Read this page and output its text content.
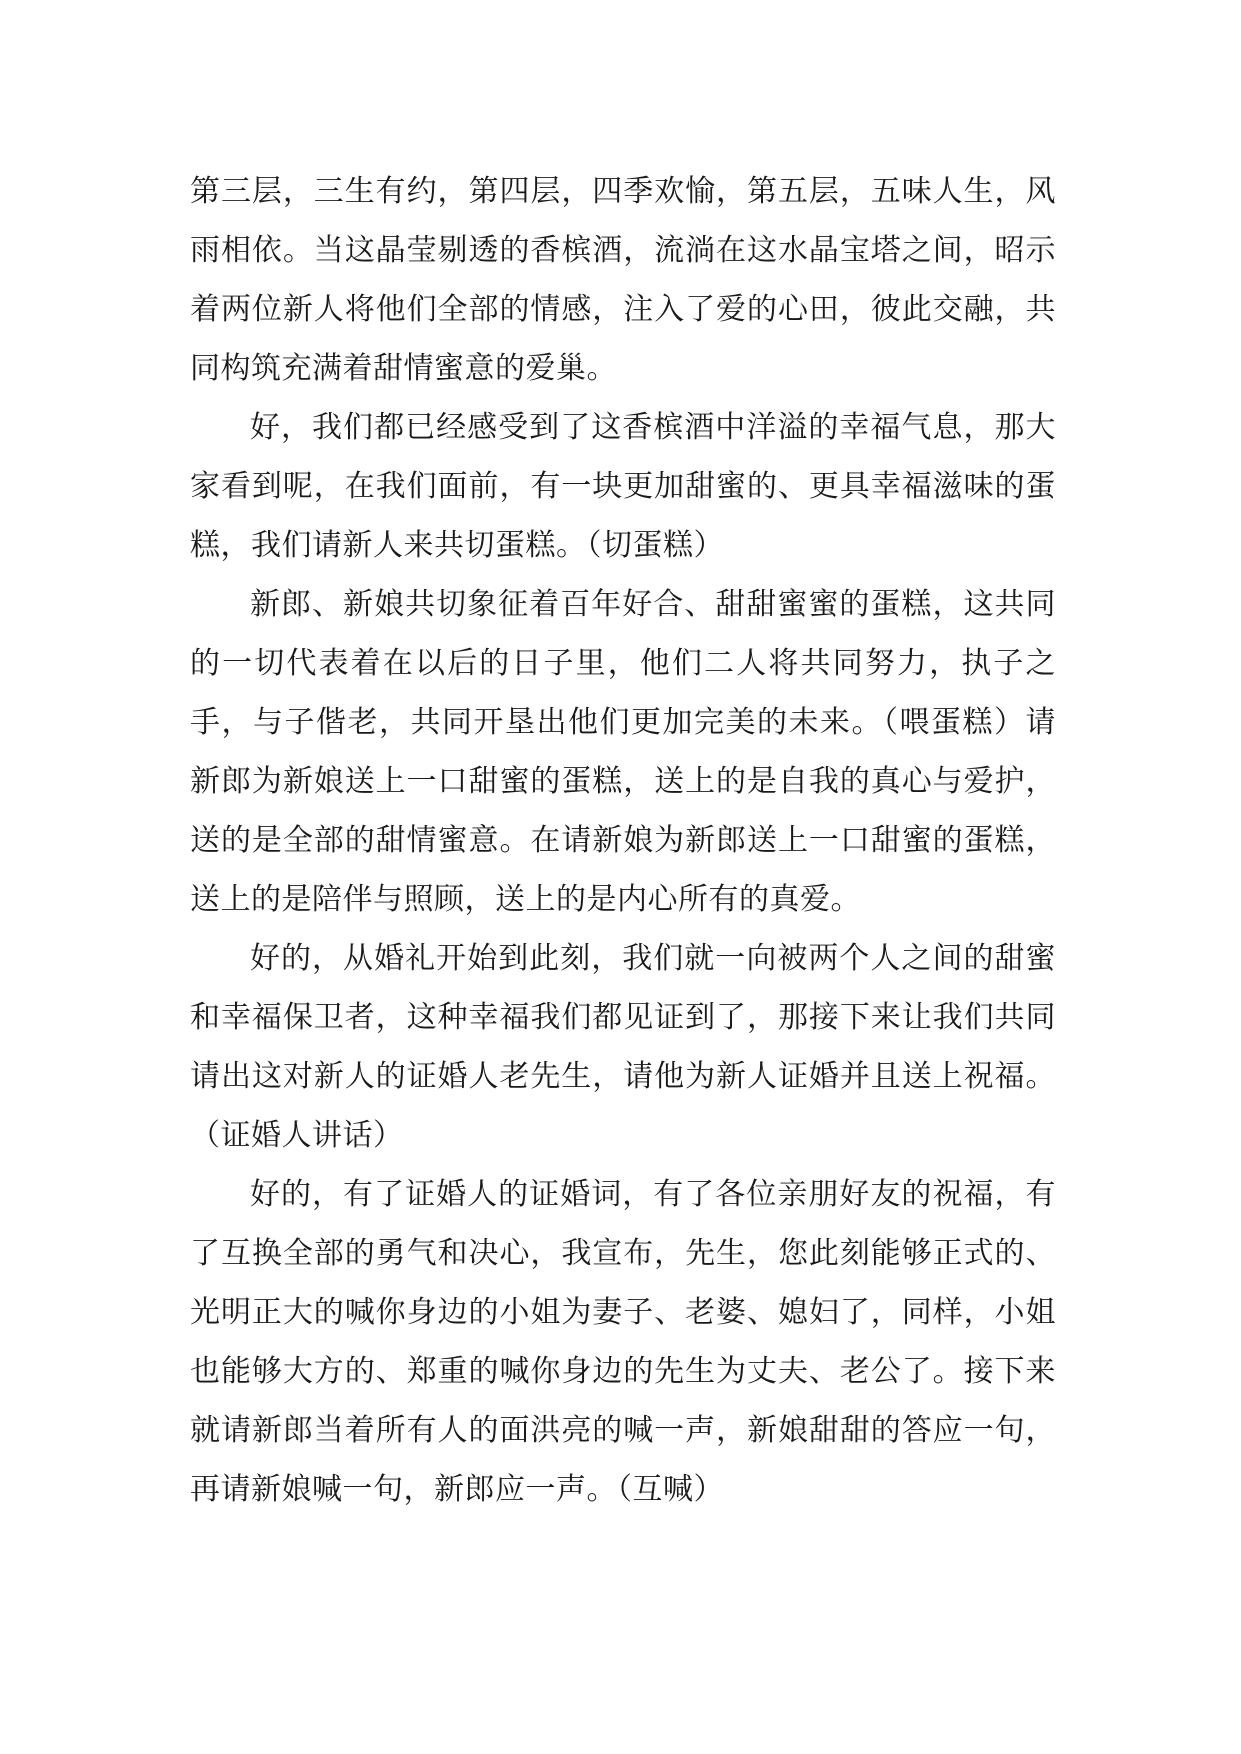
第三层，三生有约，第四层，四季欢愉，第五层，五味人生，风雨相依。当这晶莹剔透的香槟酒，流淌在这水晶宝塔之间，昭示着两位新人将他们全部的情感，注入了爱的心田，彼此交融，共同构筑充满着甜情蜜意的爱巢。

好，我们都已经感受到了这香槟酒中洋溢的幸福气息，那大家看到呢，在我们面前，有一块更加甜蜜的、更具幸福滋味的蛋糕，我们请新人来共切蛋糕。（切蛋糕）

新郎、新娘共切象征着百年好合、甜甜蜜蜜的蛋糕，这共同的一切代表着在以后的日子里，他们二人将共同努力，执子之手，与子偕老，共同开垦出他们更加完美的未来。（喂蛋糕）请新郎为新娘送上一口甜蜜的蛋糕，送上的是自我的真心与爱护，送的是全部的甜情蜜意。在请新娘为新郎送上一口甜蜜的蛋糕，送上的是陪伴与照顾，送上的是内心所有的真爱。

好的，从婚礼开始到此刻，我们就一向被两个人之间的甜蜜和幸福保卫者，这种幸福我们都见证到了，那接下来让我们共同请出这对新人的证婚人老先生，请他为新人证婚并且送上祝福。（证婚人讲话）

好的，有了证婚人的证婚词，有了各位亲朋好友的祝福，有了互换全部的勇气和决心，我宣布，先生，您此刻能够正式的、光明正大的喊你身边的小姐为妻子、老婆、媳妇了，同样，小姐也能够大方的、郑重的喊你身边的先生为丈夫、老公了。接下来就请新郎当着所有人的面洪亮的喊一声，新娘甜甜的答应一句，再请新娘喊一句，新郎应一声。（互喊）
